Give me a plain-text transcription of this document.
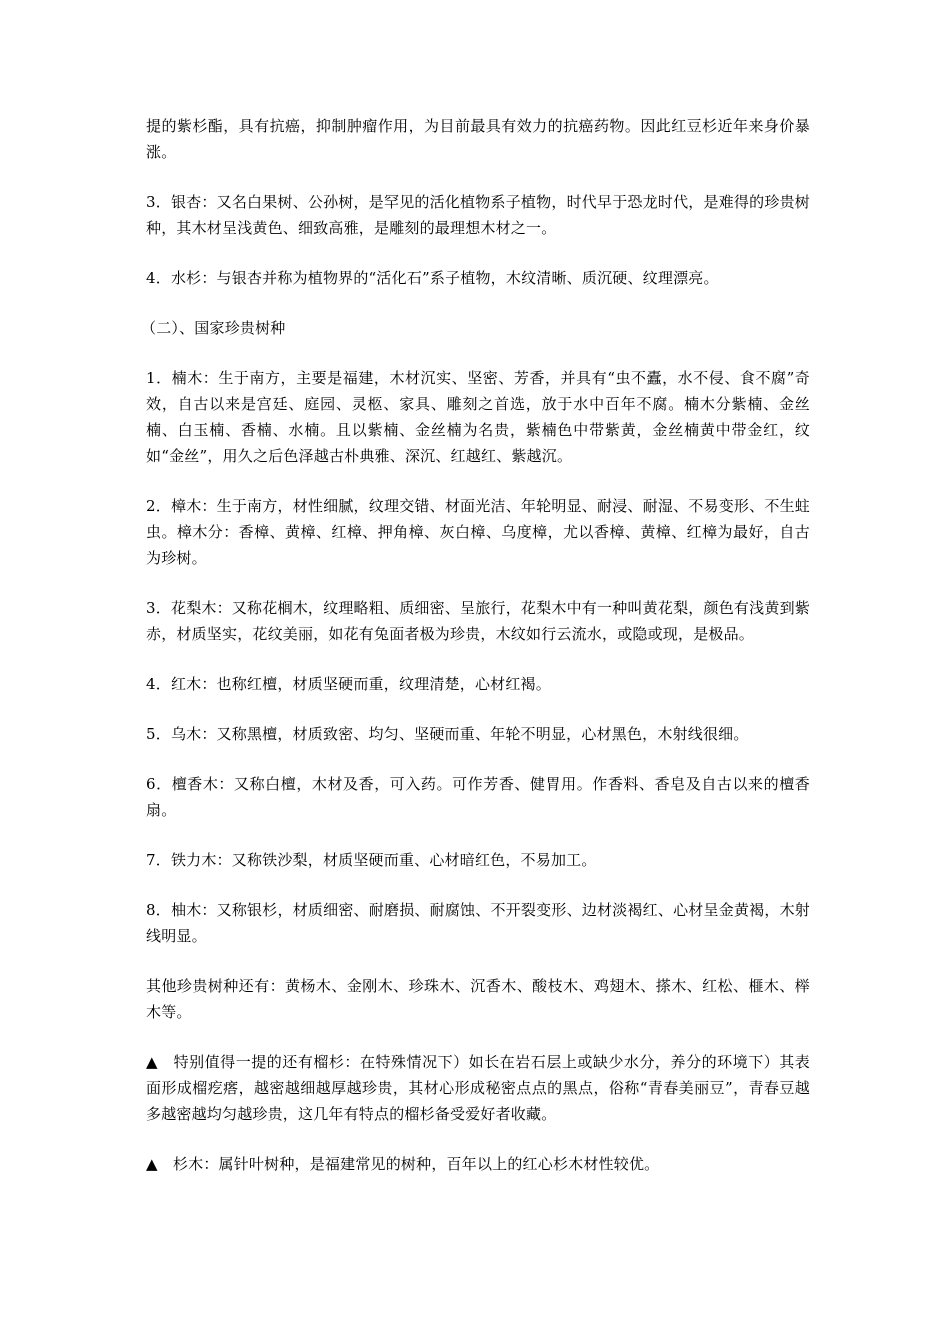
提的紫杉酯，具有抗癌，抑制肿瘤作用，为目前最具有效力的抗癌药物。因此红豆杉近年来身价暴涨。

3．银杏：又名白果树、公孙树，是罕见的活化植物系子植物，时代早于恐龙时代，是难得的珍贵树种，其木材呈浅黄色、细致高雅，是雕刻的最理想木材之一。

4．水杉：与银杏并称为植物界的“活化石”系子植物，木纹清晰、质沉硬、纹理漂亮。

（二）、国家珍贵树种

1．楠木：生于南方，主要是福建，木材沉实、坚密、芳香，并具有“虫不蠹，水不侵、食不腐”奇效，自古以来是宫廷、庭园、灵柩、家具、雕刻之首选，放于水中百年不腐。楠木分紫楠、金丝楠、白玉楠、香楠、水楠。且以紫楠、金丝楠为名贵，紫楠色中带紫黄，金丝楠黄中带金红，纹如“金丝”，用久之后色泽越古朴典雅、深沉、红越红、紫越沉。

2．樟木：生于南方，材性细腻，纹理交错、材面光洁、年轮明显、耐浸、耐湿、不易变形、不生蛀虫。樟木分：香樟、黄樟、红樟、押角樟、灰白樟、乌度樟，尤以香樟、黄樟、红樟为最好，自古为珍树。

3．花梨木：又称花榈木，纹理略粗、质细密、呈旅行，花梨木中有一种叫黄花梨，颜色有浅黄到紫赤，材质坚实，花纹美丽，如花有兔面者极为珍贵，木纹如行云流水，或隐或现，是极品。

4．红木：也称红檀，材质坚硬而重，纹理清楚，心材红褐。

5．乌木：又称黑檀，材质致密、均匀、坚硬而重、年轮不明显，心材黑色，木射线很细。

6．檀香木：又称白檀，木材及香，可入药。可作芳香、健胃用。作香料、香皂及自古以来的檀香扇。

7．铁力木：又称铁沙梨，材质坚硬而重、心材暗红色，不易加工。

8．柚木：又称银杉，材质细密、耐磨损、耐腐蚀、不开裂变形、边材淡褐红、心材呈金黄褐，木射线明显。

其他珍贵树种还有：黄杨木、金刚木、珍珠木、沉香木、酸枝木、鸡翅木、搽木、红松、榧木、榉木等。

▲　特别值得一提的还有榴杉：在特殊情况下）如长在岩石层上或缺少水分，养分的环境下）其表面形成榴疙瘩，越密越细越厚越珍贵，其材心形成秘密点点的黑点，俗称“青春美丽豆”，青春豆越多越密越均匀越珍贵，这几年有特点的榴杉备受爱好者收藏。

▲　杉木：属针叶树种，是福建常见的树种，百年以上的红心杉木材性较优。
